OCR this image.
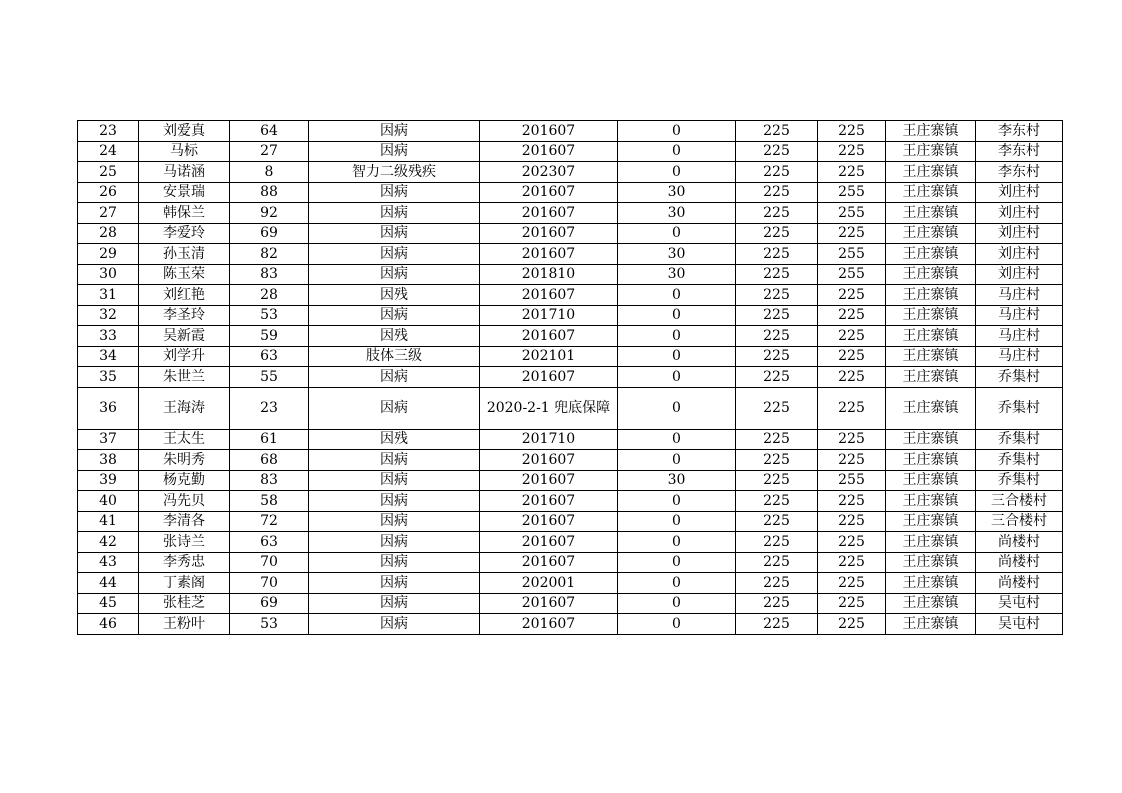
23	刘爱真	64	因病	201607	0	225	225	王庄寨镇	李东村
24	马标	27	因病	201607	0	225	225	王庄寨镇	李东村
25	马诺涵	8	智力二级残疾	202307	0	225	225	王庄寨镇	李东村
26	安景瑞	88	因病	201607	30	225	255	王庄寨镇	刘庄村
27	韩保兰	92	因病	201607	30	225	255	王庄寨镇	刘庄村
28	李爱玲	69	因病	201607	0	225	225	王庄寨镇	刘庄村
29	孙玉清	82	因病	201607	30	225	255	王庄寨镇	刘庄村
30	陈玉荣	83	因病	201810	30	225	255	王庄寨镇	刘庄村
31	刘红艳	28	因残	201607	0	225	225	王庄寨镇	马庄村
32	李圣玲	53	因病	201710	0	225	225	王庄寨镇	马庄村
33	吴新霞	59	因残	201607	0	225	225	王庄寨镇	马庄村
34	刘学升	63	肢体三级	202101	0	225	225	王庄寨镇	马庄村
35	朱世兰	55	因病	201607	0	225	225	王庄寨镇	乔集村
36	王海涛	23	因病	2020-2-1 兜底保障	0	225	225	王庄寨镇	乔集村
37	王太生	61	因残	201710	0	225	225	王庄寨镇	乔集村
38	朱明秀	68	因病	201607	0	225	225	王庄寨镇	乔集村
39	杨克勤	83	因病	201607	30	225	255	王庄寨镇	乔集村
40	冯先贝	58	因病	201607	0	225	225	王庄寨镇	三合楼村
41	李清各	72	因病	201607	0	225	225	王庄寨镇	三合楼村
42	张诗兰	63	因病	201607	0	225	225	王庄寨镇	尚楼村
43	李秀忠	70	因病	201607	0	225	225	王庄寨镇	尚楼村
44	丁素阁	70	因病	202001	0	225	225	王庄寨镇	尚楼村
45	张桂芝	69	因病	201607	0	225	225	王庄寨镇	吴屯村
46	王粉叶	53	因病	201607	0	225	225	王庄寨镇	吴屯村
